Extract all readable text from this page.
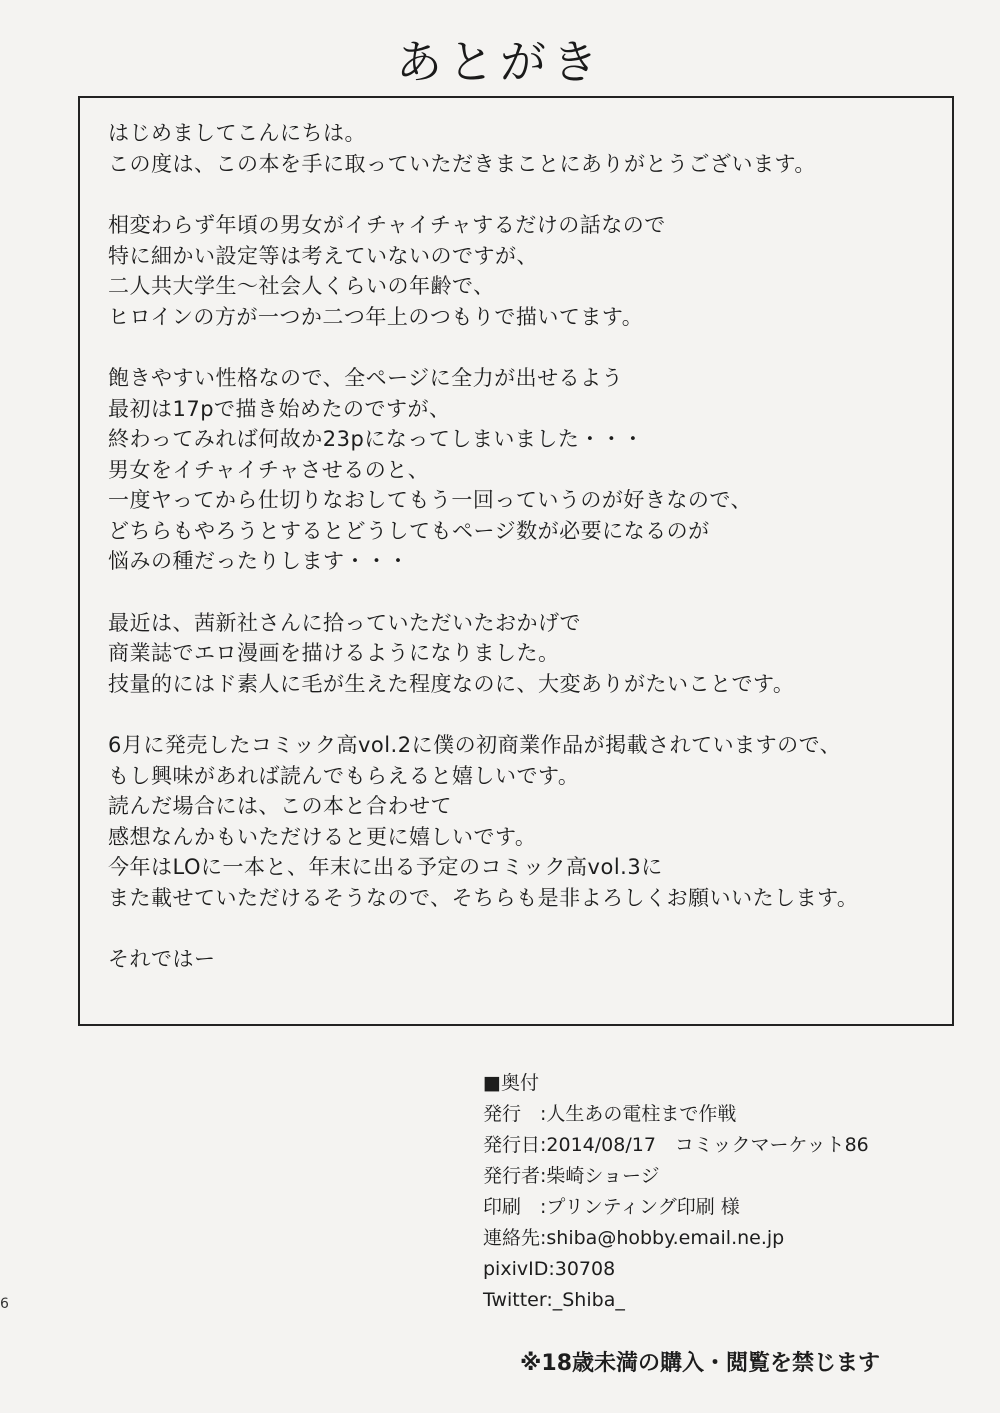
あとがき
はじめましてこんにちは。
この度は、この本を手に取っていただきまことにありがとうございます。
相変わらず年頃の男女がイチャイチャするだけの話なので
特に細かい設定等は考えていないのですが、
二人共大学生～社会人くらいの年齢で、
ヒロインの方が一つか二つ年上のつもりで描いてます。
飽きやすい性格なので、全ページに全力が出せるよう
最初は17pで描き始めたのですが、
終わってみれば何故か23pになってしまいました・・・
男女をイチャイチャさせるのと、
一度ヤってから仕切りなおしてもう一回っていうのが好きなので、
どちらもやろうとするとどうしてもページ数が必要になるのが
悩みの種だったりします・・・
最近は、茜新社さんに拾っていただいたおかげで
商業誌でエロ漫画を描けるようになりました。
技量的にはド素人に毛が生えた程度なのに、大変ありがたいことです。
6月に発売したコミック高vol.2に僕の初商業作品が掲載されていますので、
もし興味があれば読んでもらえると嬉しいです。
読んだ場合には、この本と合わせて
感想なんかもいただけると更に嬉しいです。
今年はLOに一本と、年末に出る予定のコミック高vol.3に
また載せていただけるそうなので、そちらも是非よろしくお願いいたします。
それではー
■奥付
発行　:人生あの電柱まで作戦
発行日:2014/08/17　コミックマーケット86
発行者:柴崎ショージ
印刷　:プリンティング印刷 様
連絡先:shiba@hobby.email.ne.jp
pixivID:30708
Twitter:_Shiba_
※18歳未満の購入・閲覧を禁じます
6
